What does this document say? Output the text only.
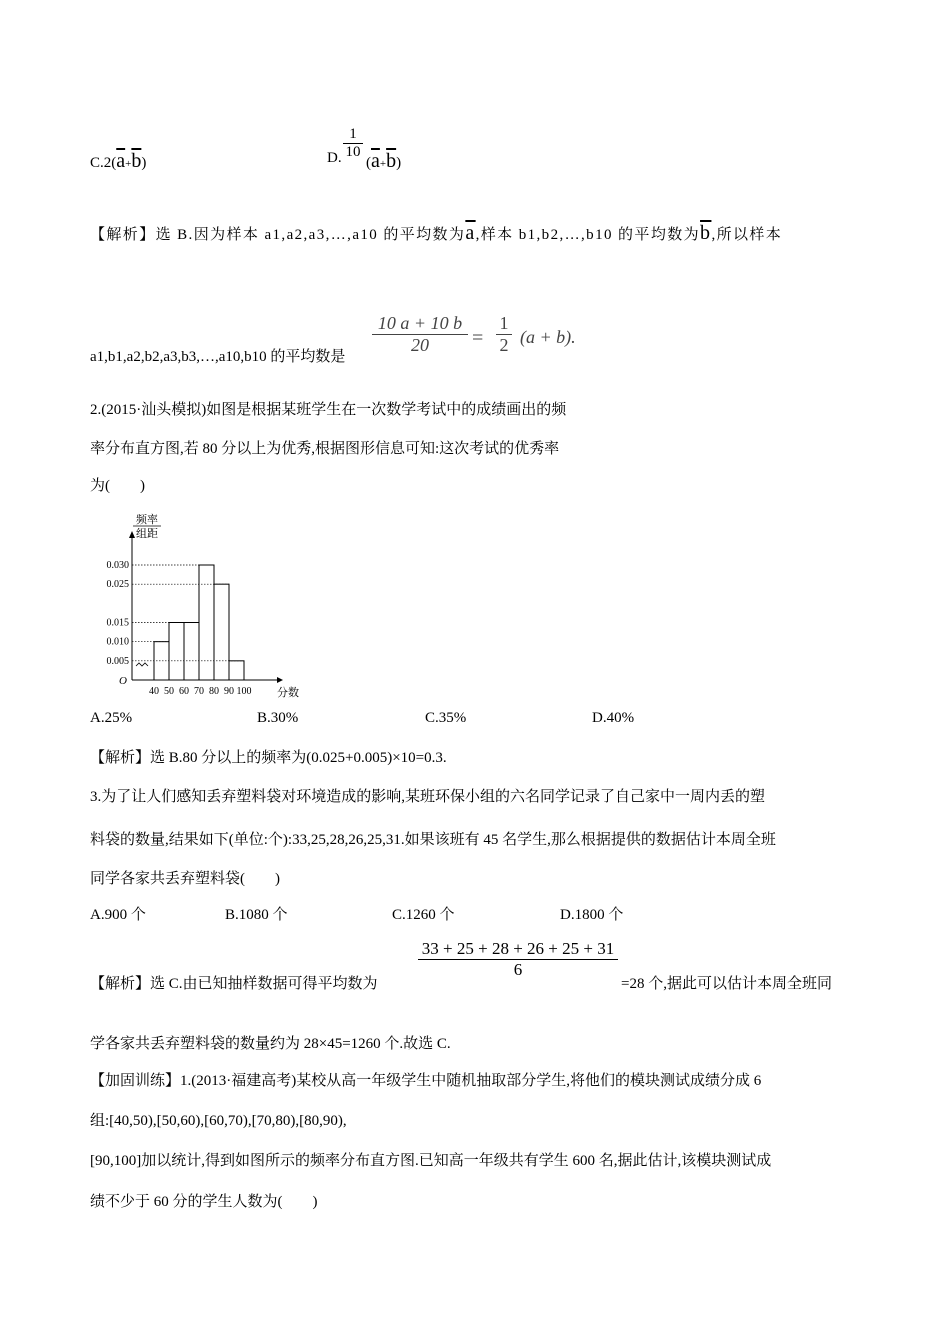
$C.2(\overline{a}+\overline{b})$	D.
1
10
$(\overline{a}+\overline{b})$
【解析】选 B.因为样本 a1,a2,a3,…,a10 的平均数为$\overline{a}$,样本 b1,b2,…,b10 的平均数为$\overline{b}$,所以样本
a1,b1,a2,b2,a3,b3,…,a10,b10 的平均数是
10 a + 10 b
20	=
1
2 (a + b).
2.(2015·汕头模拟)如图是根据某班学生在一次数学考试中的成绩画出的频
率分布直方图,若 80 分以上为优秀,根据图形信息可知:这次考试的优秀率
为(　　)
频率
组距
O
0.005
0.010
0.015
0.025
0.030
40 50 60 70 80 90 100 分数
A.25%	B.30%	C.35%	D.40%
【解析】选 B.80 分以上的频率为(0.025+0.005)×10=0.3.
3.为了让人们感知丢弃塑料袋对环境造成的影响,某班环保小组的六名同学记录了自己家中一周内丢的塑
料袋的数量,结果如下(单位:个):33,25,28,26,25,31.如果该班有 45 名学生,那么根据提供的数据估计本周全班
同学各家共丢弃塑料袋(　　)
A.900 个	B.1080 个	C.1260 个	D.1800 个
【解析】选 C.由已知抽样数据可得平均数为
33 + 25 + 28 + 26 + 25 + 31
6
=28 个,据此可以估计本周全班同
学各家共丢弃塑料袋的数量约为 28×45=1260 个.故选 C.
【加固训练】1.(2013·福建高考)某校从高一年级学生中随机抽取部分学生,将他们的模块测试成绩分成 6
组:[40,50),[50,60),[60,70),[70,80),[80,90),
[90,100]加以统计,得到如图所示的频率分布直方图.已知高一年级共有学生 600 名,据此估计,该模块测试成
绩不少于 60 分的学生人数为(　　)
